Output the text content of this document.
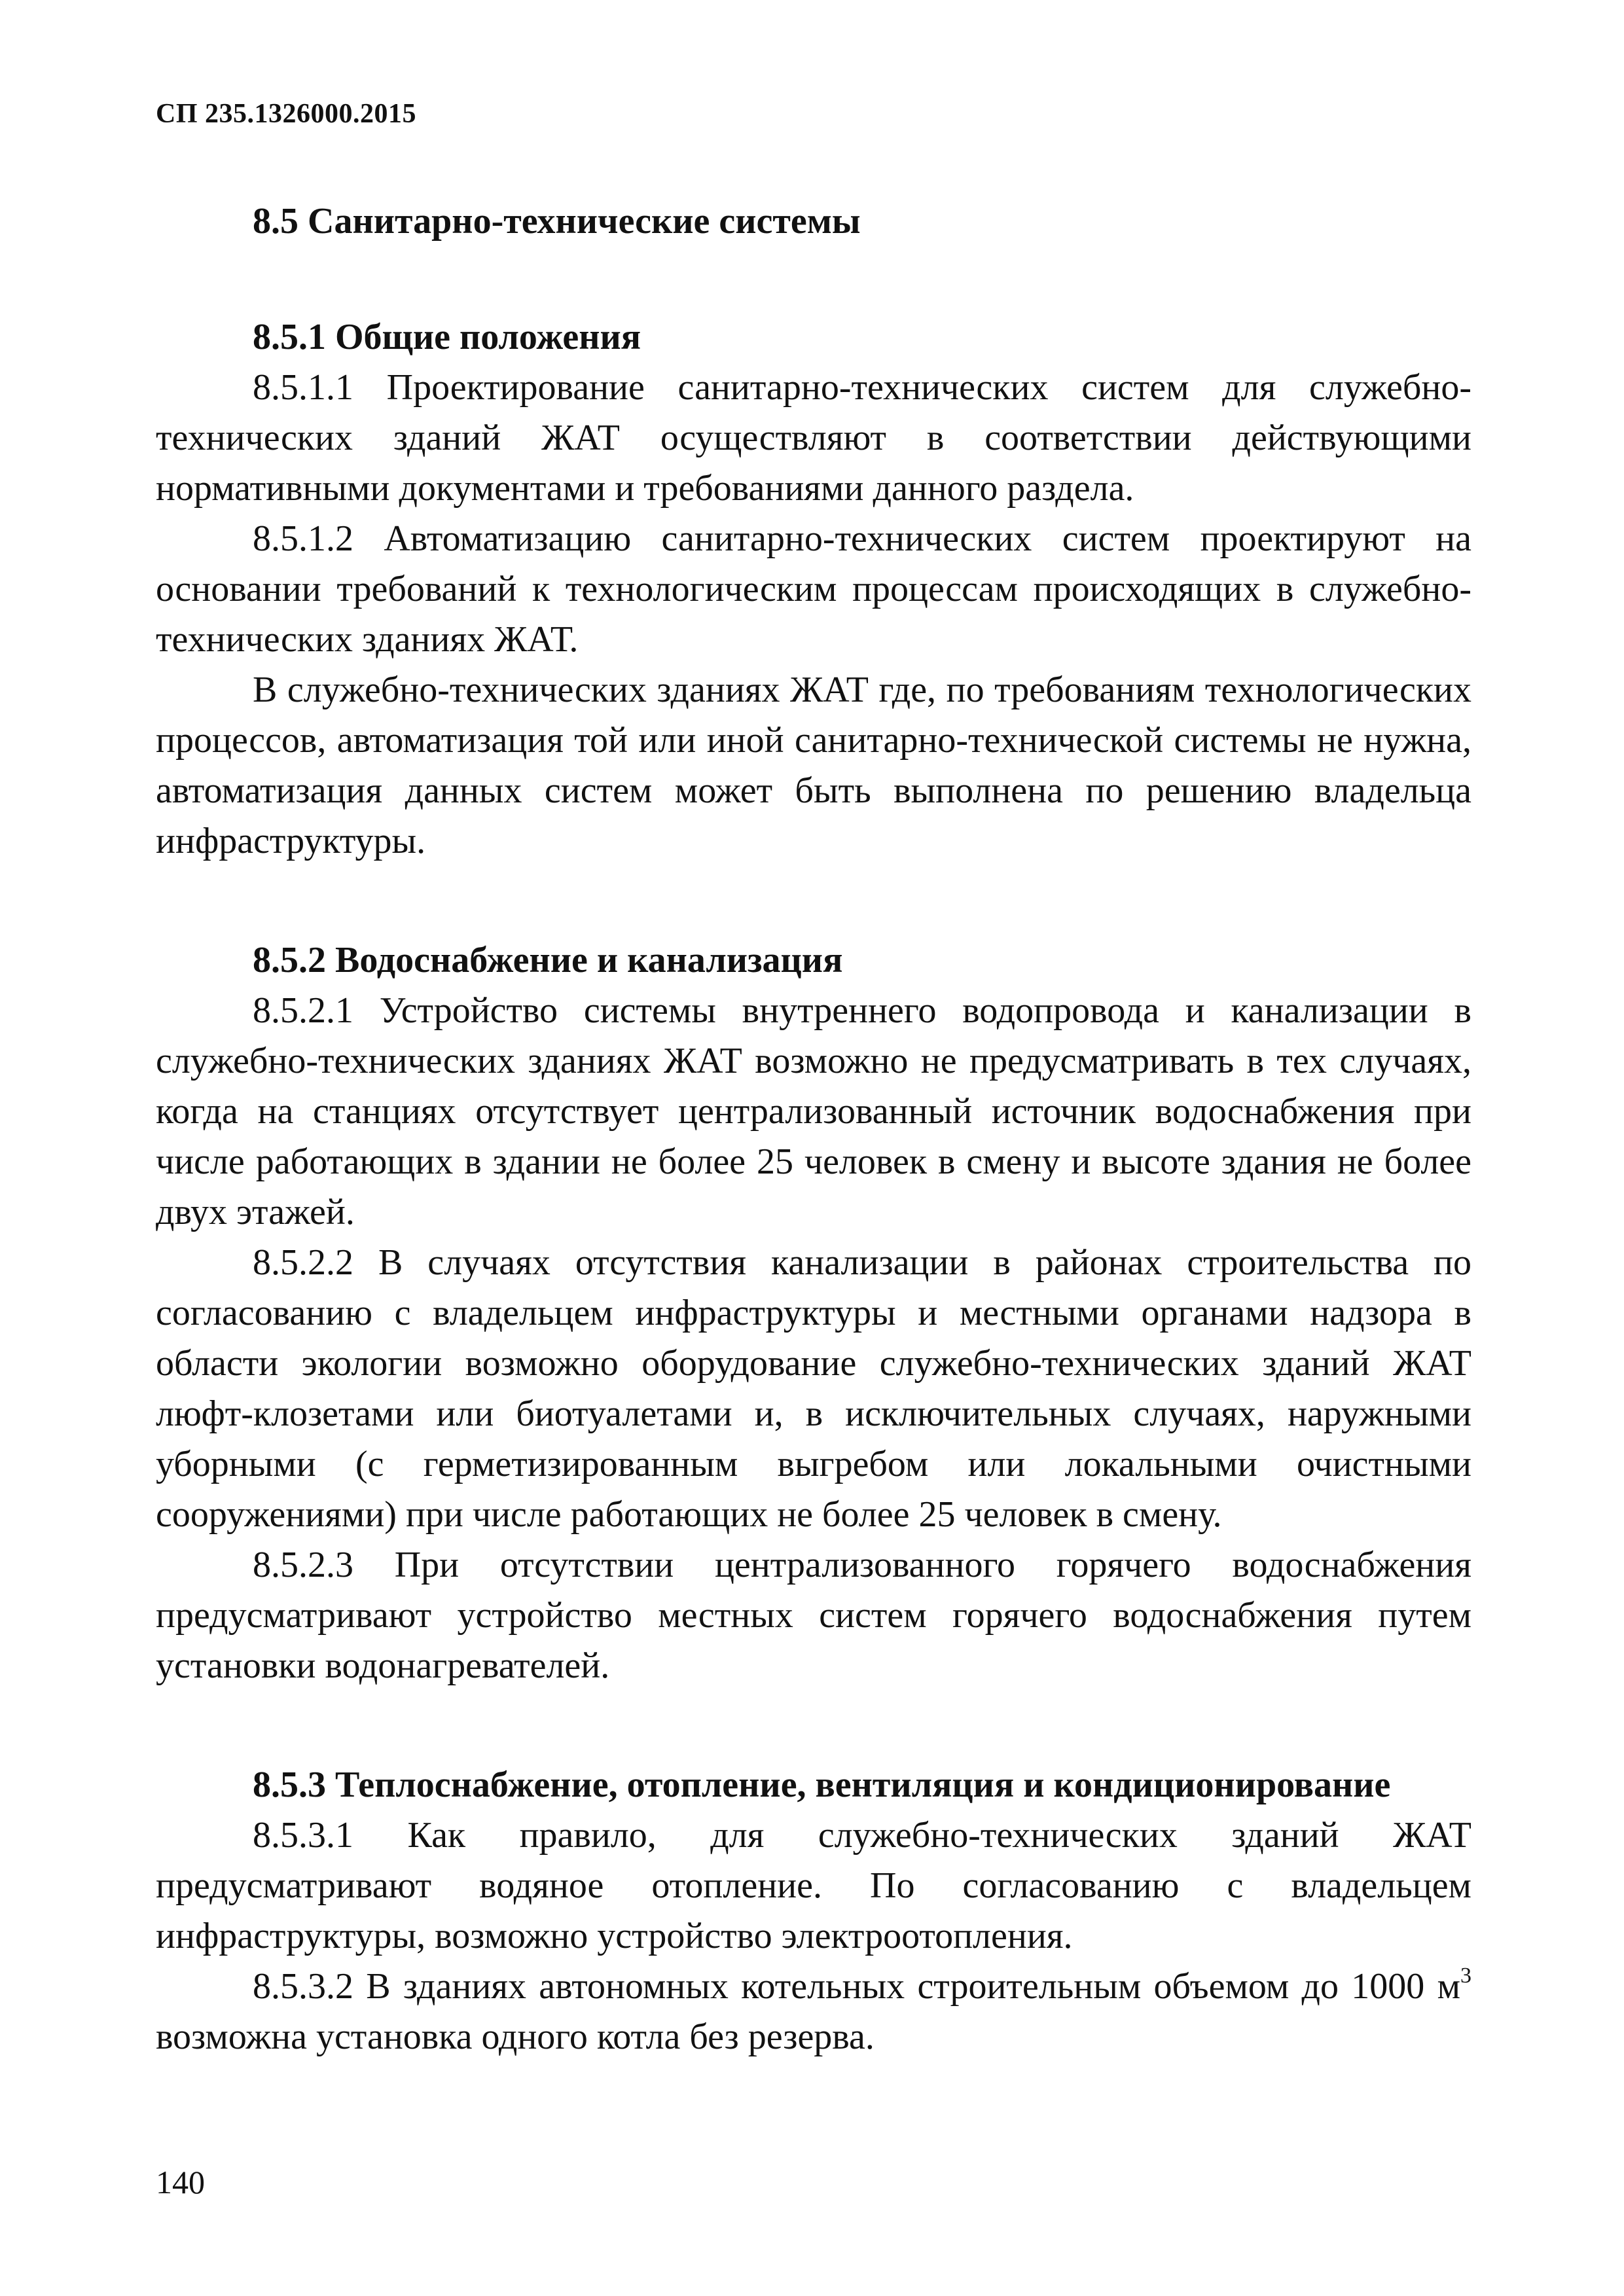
СП 235.1326000.2015
8.5 Санитарно-технические системы
8.5.1 Общие положения

8.5.1.1 Проектирование санитарно-технических систем для служебно-технических зданий ЖАТ осуществляют в соответствии действующими нормативными документами и требованиями данного раздела.

8.5.1.2 Автоматизацию санитарно-технических систем проектируют на основании требований к технологическим процессам происходящих в служебно-технических зданиях ЖАТ.

В служебно-технических зданиях ЖАТ где, по требованиям технологических процессов, автоматизация той или иной санитарно-технической системы не нужна, автоматизация данных систем может быть выполнена по решению владельца инфраструктуры.

8.5.2 Водоснабжение и канализация

8.5.2.1 Устройство системы внутреннего водопровода и канализации в служебно-технических зданиях ЖАТ возможно не предусматривать в тех случаях, когда на станциях отсутствует централизованный источник водоснабжения при числе работающих в здании не более 25 человек в смену и высоте здания не более двух этажей.

8.5.2.2 В случаях отсутствия канализации в районах строительства по согласованию с владельцем инфраструктуры и местными органами надзора в области экологии возможно оборудование служебно-технических зданий ЖАТ люфт-клозетами или биотуалетами и, в исключительных случаях, наружными уборными (с герметизированным выгребом или локальными очистными сооружениями) при числе работающих не более 25 человек в смену.

8.5.2.3 При отсутствии централизованного горячего водоснабжения предусматривают устройство местных систем горячего водоснабжения путем установки водонагревателей.

8.5.3 Теплоснабжение, отопление, вентиляция и кондиционирование

8.5.3.1 Как правило, для служебно-технических зданий ЖАТ предусматривают водяное отопление. По согласованию с владельцем инфраструктуры, возможно устройство электроотопления.

8.5.3.2 В зданиях автономных котельных строительным объемом до 1000 $м^3$ возможна установка одного котла без резерва.

140
